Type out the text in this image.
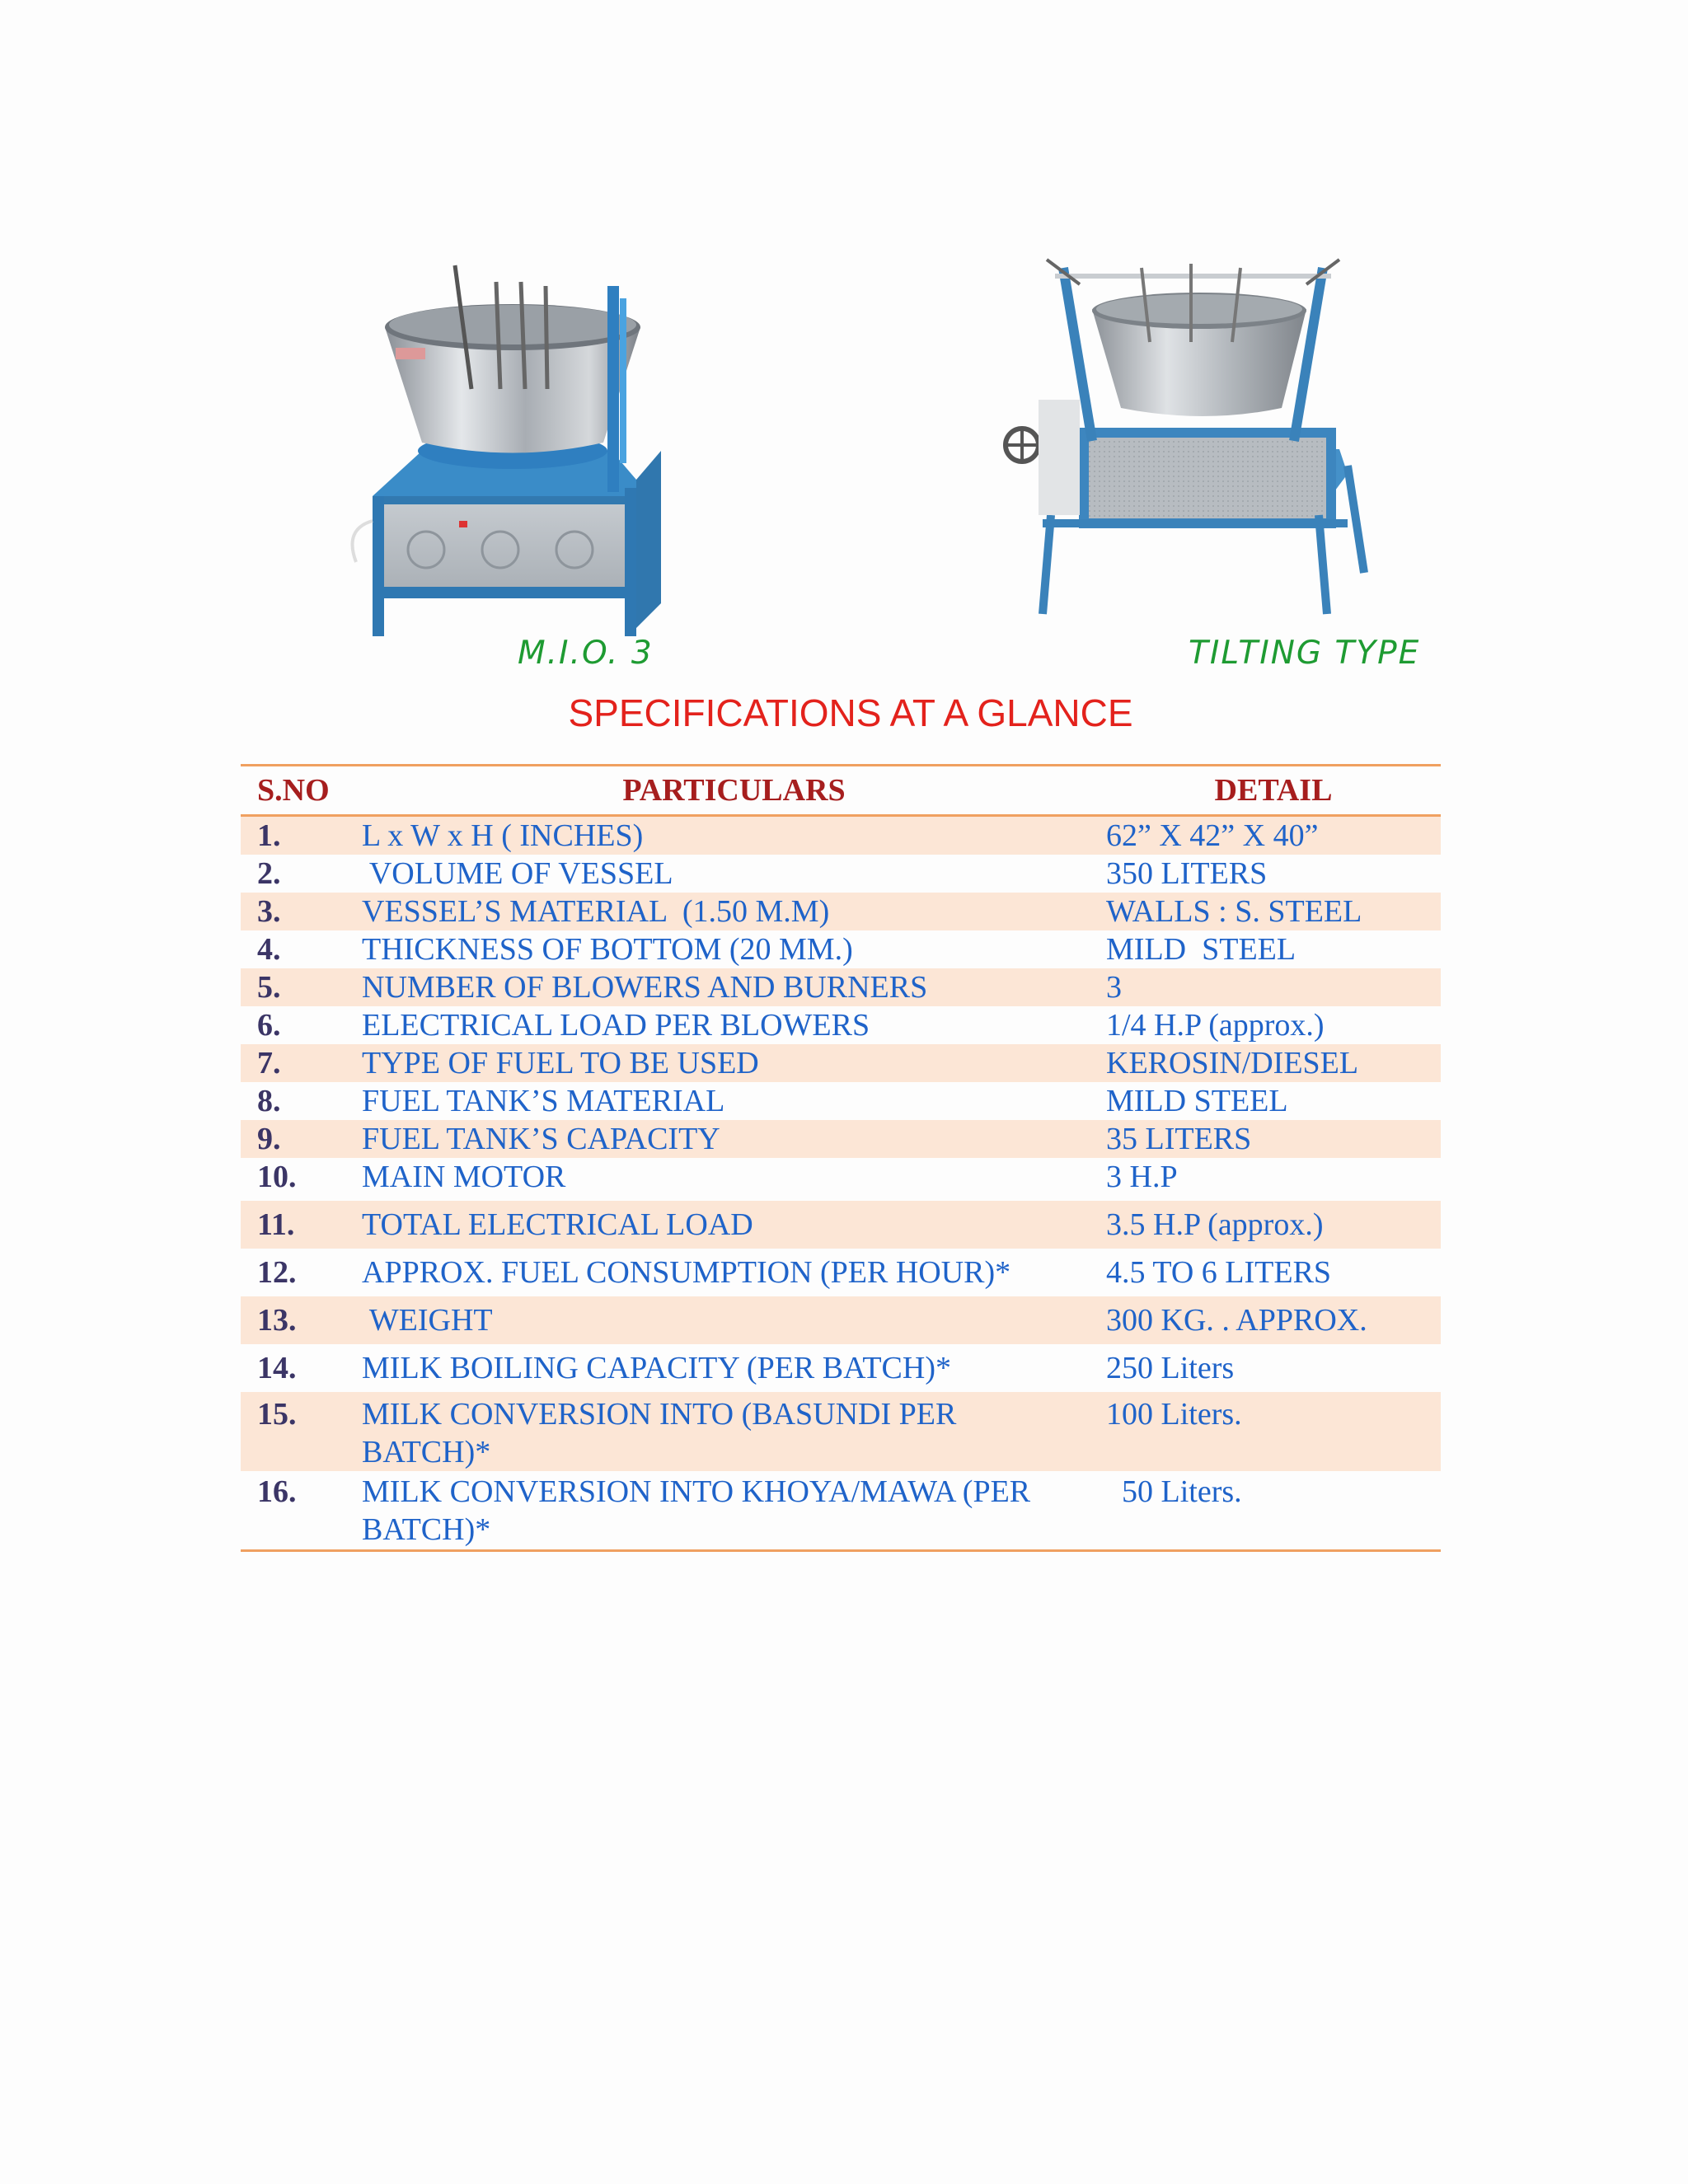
M.I.O. 3	TILTING TYPE
SPECIFICATIONS AT A GLANCE
S.NO	PARTICULARS	DETAIL
1.	L x W x H ( INCHES)	62” X 42” X 40”
2.	VOLUME OF VESSEL	350 LITERS
3.	VESSEL’S MATERIAL  (1.50 M.M)	WALLS : S. STEEL
4.	THICKNESS OF BOTTOM (20 MM.)	MILD  STEEL
5.	NUMBER OF BLOWERS AND BURNERS	3
6.	ELECTRICAL LOAD PER BLOWERS	1/4 H.P (approx.)
7.	TYPE OF FUEL TO BE USED	KEROSIN/DIESEL
8.	FUEL TANK’S MATERIAL	MILD STEEL
9.	FUEL TANK’S CAPACITY	35 LITERS
10.	MAIN MOTOR	3 H.P
11.	TOTAL ELECTRICAL LOAD	3.5 H.P (approx.)
12.	APPROX. FUEL CONSUMPTION (PER HOUR)*	4.5 TO 6 LITERS
13.	WEIGHT	300 KG. . APPROX.
14.	MILK BOILING CAPACITY (PER BATCH)*	250 Liters
15.	MILK CONVERSION INTO (BASUNDI PER BATCH)*	100 Liters.
16.	MILK CONVERSION INTO KHOYA/MAWA (PER BATCH)*	50 Liters.
